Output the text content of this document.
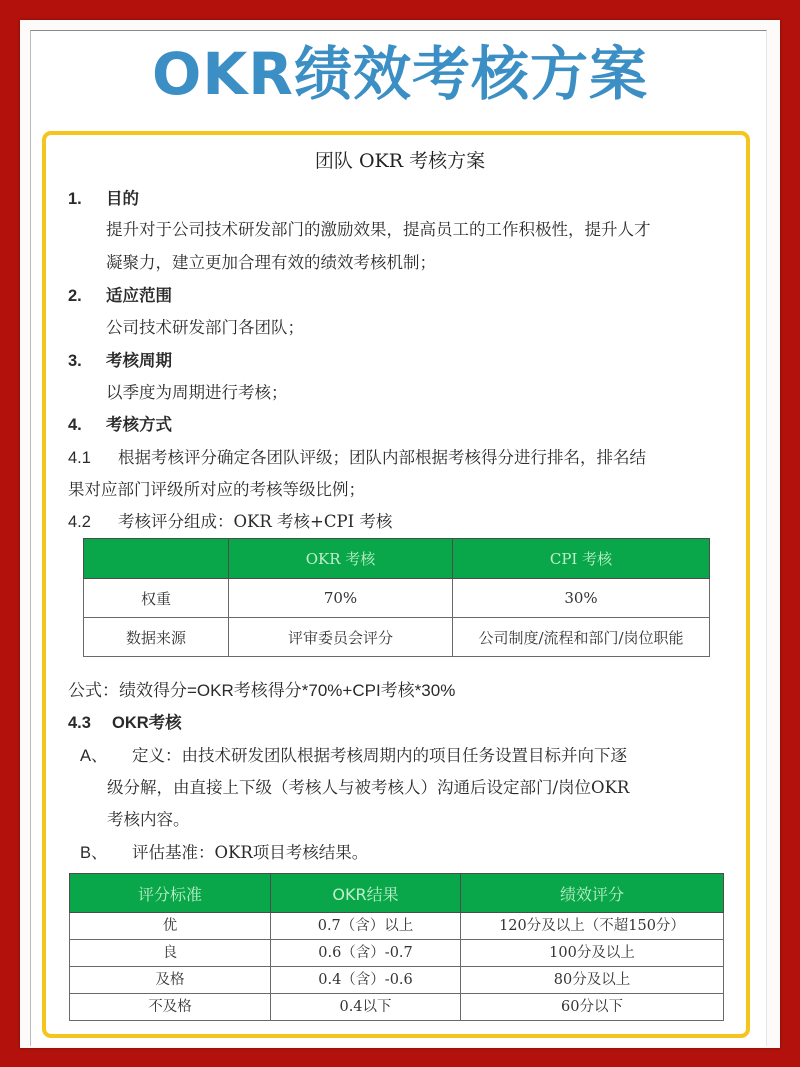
OKR绩效考核方案
团队 OKR 考核方案
1. 目的
提升对于公司技术研发部门的激励效果，提高员工的工作积极性，提升人才
凝聚力，建立更加合理有效的绩效考核机制；
2. 适应范围
公司技术研发部门各团队；
3. 考核周期
以季度为周期进行考核；
4. 考核方式
4.1 根据考核评分确定各团队评级；团队内部根据考核得分进行排名，排名结
果对应部门评级所对应的考核等级比例；
4.2 考核评分组成：OKR 考核+CPI 考核
	OKR 考核	CPI 考核
权重	70%	30%
数据来源	评审委员会评分	公司制度/流程和部门/岗位职能
公式：绩效得分=OKR考核得分*70%+CPI考核*30%
4.3 OKR考核
A、 定义：由技术研发团队根据考核周期内的项目任务设置目标并向下逐
级分解，由直接上下级（考核人与被考核人）沟通后设定部门/岗位OKR
考核内容。
B、 评估基准：OKR项目考核结果。
评分标准	OKR结果	绩效评分
优	0.7（含）以上	120分及以上（不超150分）
良	0.6（含）-0.7	100分及以上
及格	0.4（含）-0.6	80分及以上
不及格	0.4以下	60分以下
